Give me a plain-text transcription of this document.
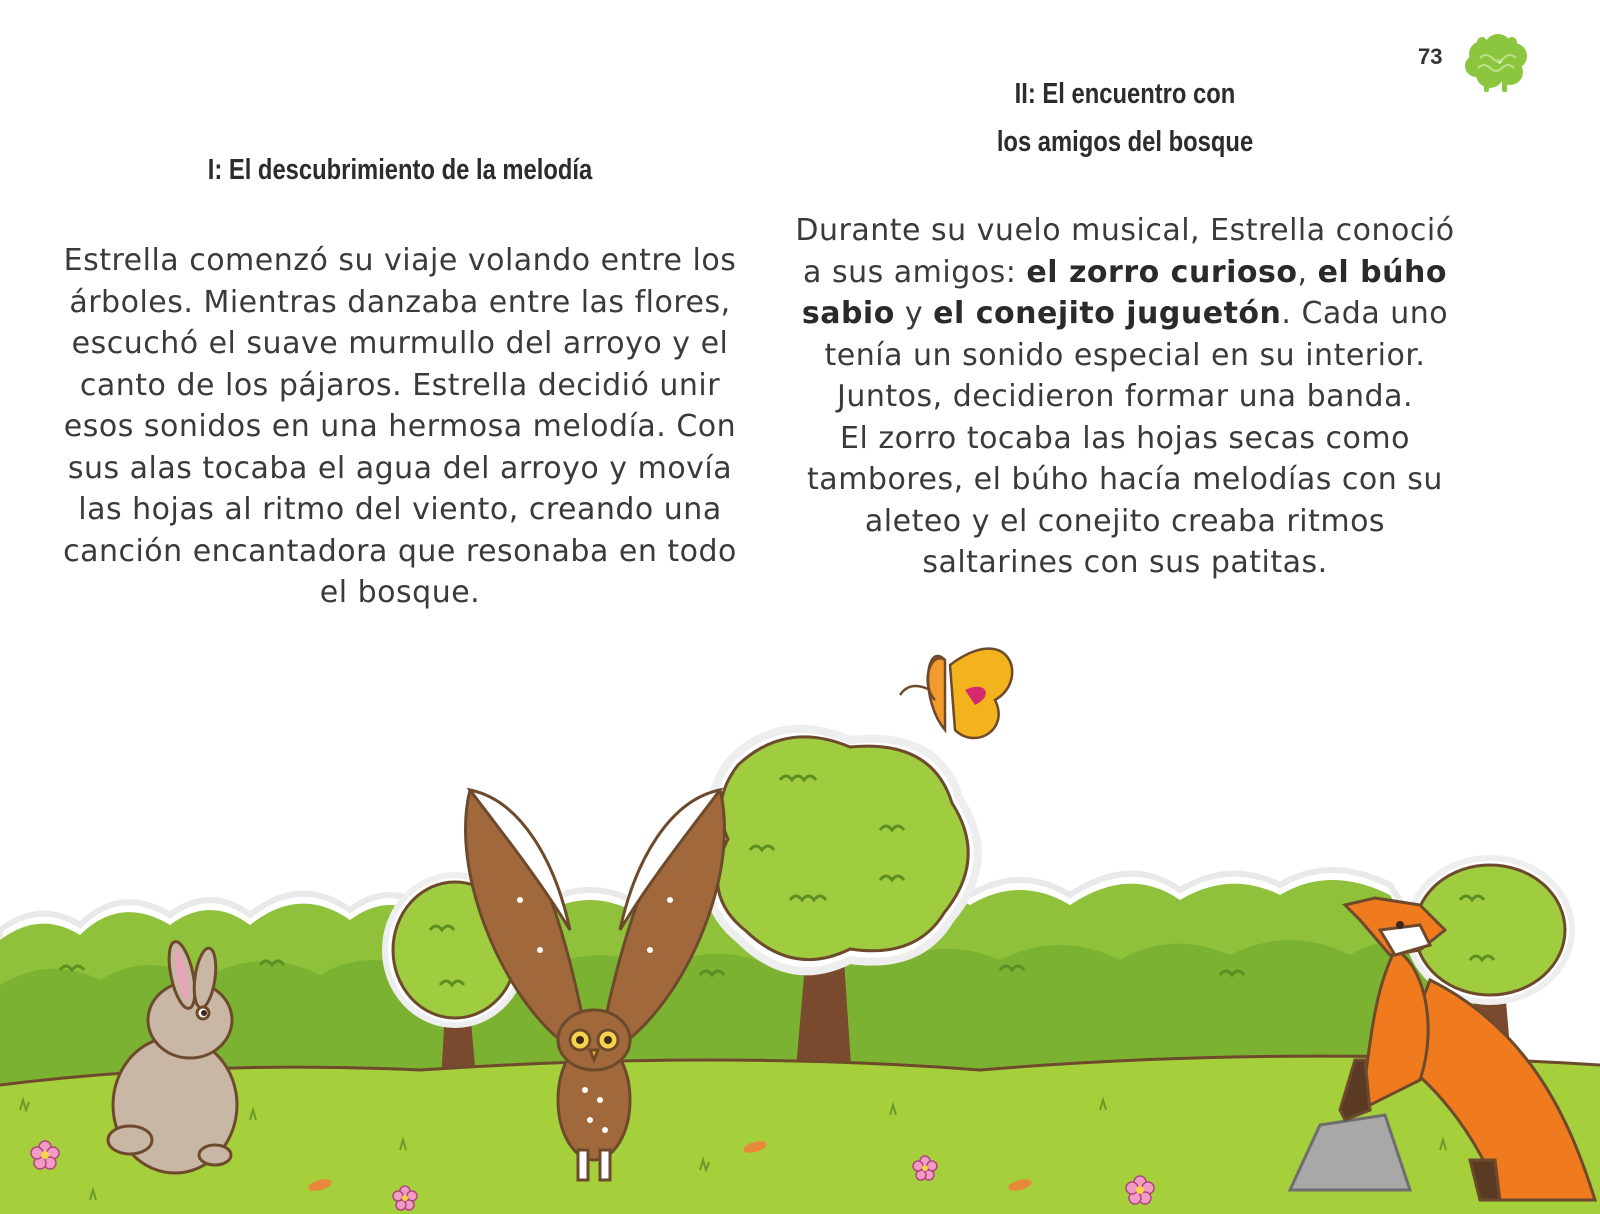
73
I: El descubrimiento de la melodía
Estrella comenzó su viaje volando entre los árboles. Mientras danzaba entre las flores, escuchó el suave murmullo del arroyo y el canto de los pájaros. Estrella decidió unir esos sonidos en una hermosa melodía. Con sus alas tocaba el agua del arroyo y movía las hojas al ritmo del viento, creando una canción encantadora que resonaba en todo el bosque.
II: El encuentro con
los amigos del bosque
Durante su vuelo musical, Estrella conoció a sus amigos: el zorro curioso, el búho sabio y el conejito juguetón. Cada uno tenía un sonido especial en su interior. Juntos, decidieron formar una banda.
El zorro tocaba las hojas secas como tambores, el búho hacía melodías con su aleteo y el conejito creaba ritmos saltarines con sus patitas.
